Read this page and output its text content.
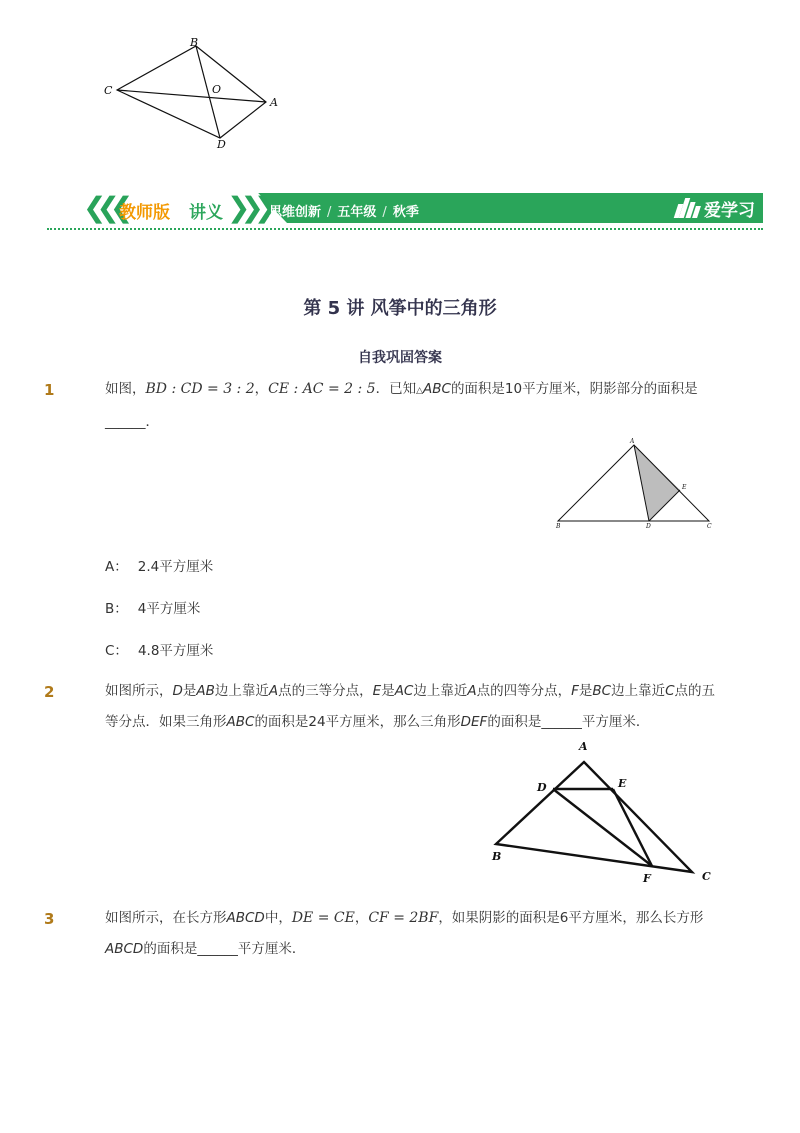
B
C	O
A
D
❮❮❮
教师版 讲义 ❯❯❯ 思维创新 / 五年级 / 秋季	爱学习
第 5 讲 风筝中的三角形
自我巩固答案
1	如图，BD : CD = 3 : 2，CE : AC = 2 : 5．已知△ABC的面积是10平方厘米，阴影部分的面积是______．
A
E
B	D	C
A： 2.4平方厘米
B： 4平方厘米
C： 4.8平方厘米
2	如图所示，D是AB边上靠近A点的三等分点，E是AC边上靠近A点的四等分点，F是BC边上靠近C点的五等分点．如果三角形ABC的面积是24平方厘米，那么三角形DEF的面积是______平方厘米．
A
D	E
B
F	C
3	如图所示，在长方形ABCD中，DE = CE，CF = 2BF，如果阴影的面积是6平方厘米，那么长方形ABCD的面积是______平方厘米．
